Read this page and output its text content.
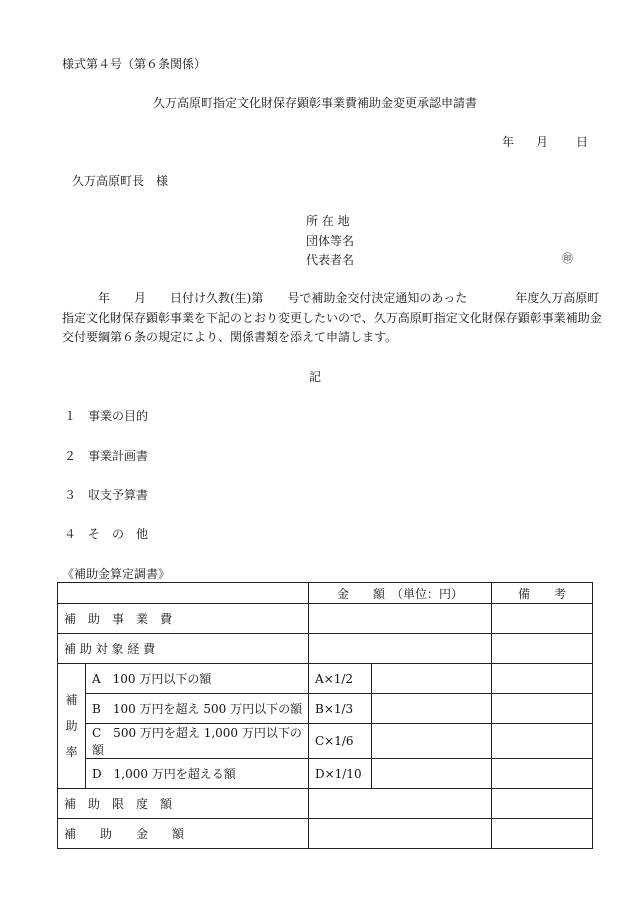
様式第４号（第６条関係）
久万高原町指定文化財保存顕彰事業費補助金変更承認申請書
年 月 日
久万高原町長　様
所 在 地
団体等名
代表者名	㊞
　　　年　　月　　日付け久教(生)第　　号で補助金交付決定通知のあった　　　　年度久万高原町
指定文化財保存顕彰事業を下記のとおり変更したいので、久万高原町指定文化財保存顕彰事業補助金
交付要綱第６条の規定により、関係書類を添えて申請します。
記
１　事業の目的
２　事業計画書
３　収支予算書
４　そ　の　他
《補助金算定調書》
		金　　額　（単位：円）		備　　考
補　助　事　業　費				
補 助 対 象 経 費				

補
助
率	A　100 万円以下の額	A×1/2		
	B　100 万円を超え 500 万円以下の額	B×1/3		
	C　500 万円を超え 1,000 万円以下の額	C×1/6		
	D　1,000 万円を超える額	D×1/10		
補　助　限　度　額				
補　　助　　金　　額				
